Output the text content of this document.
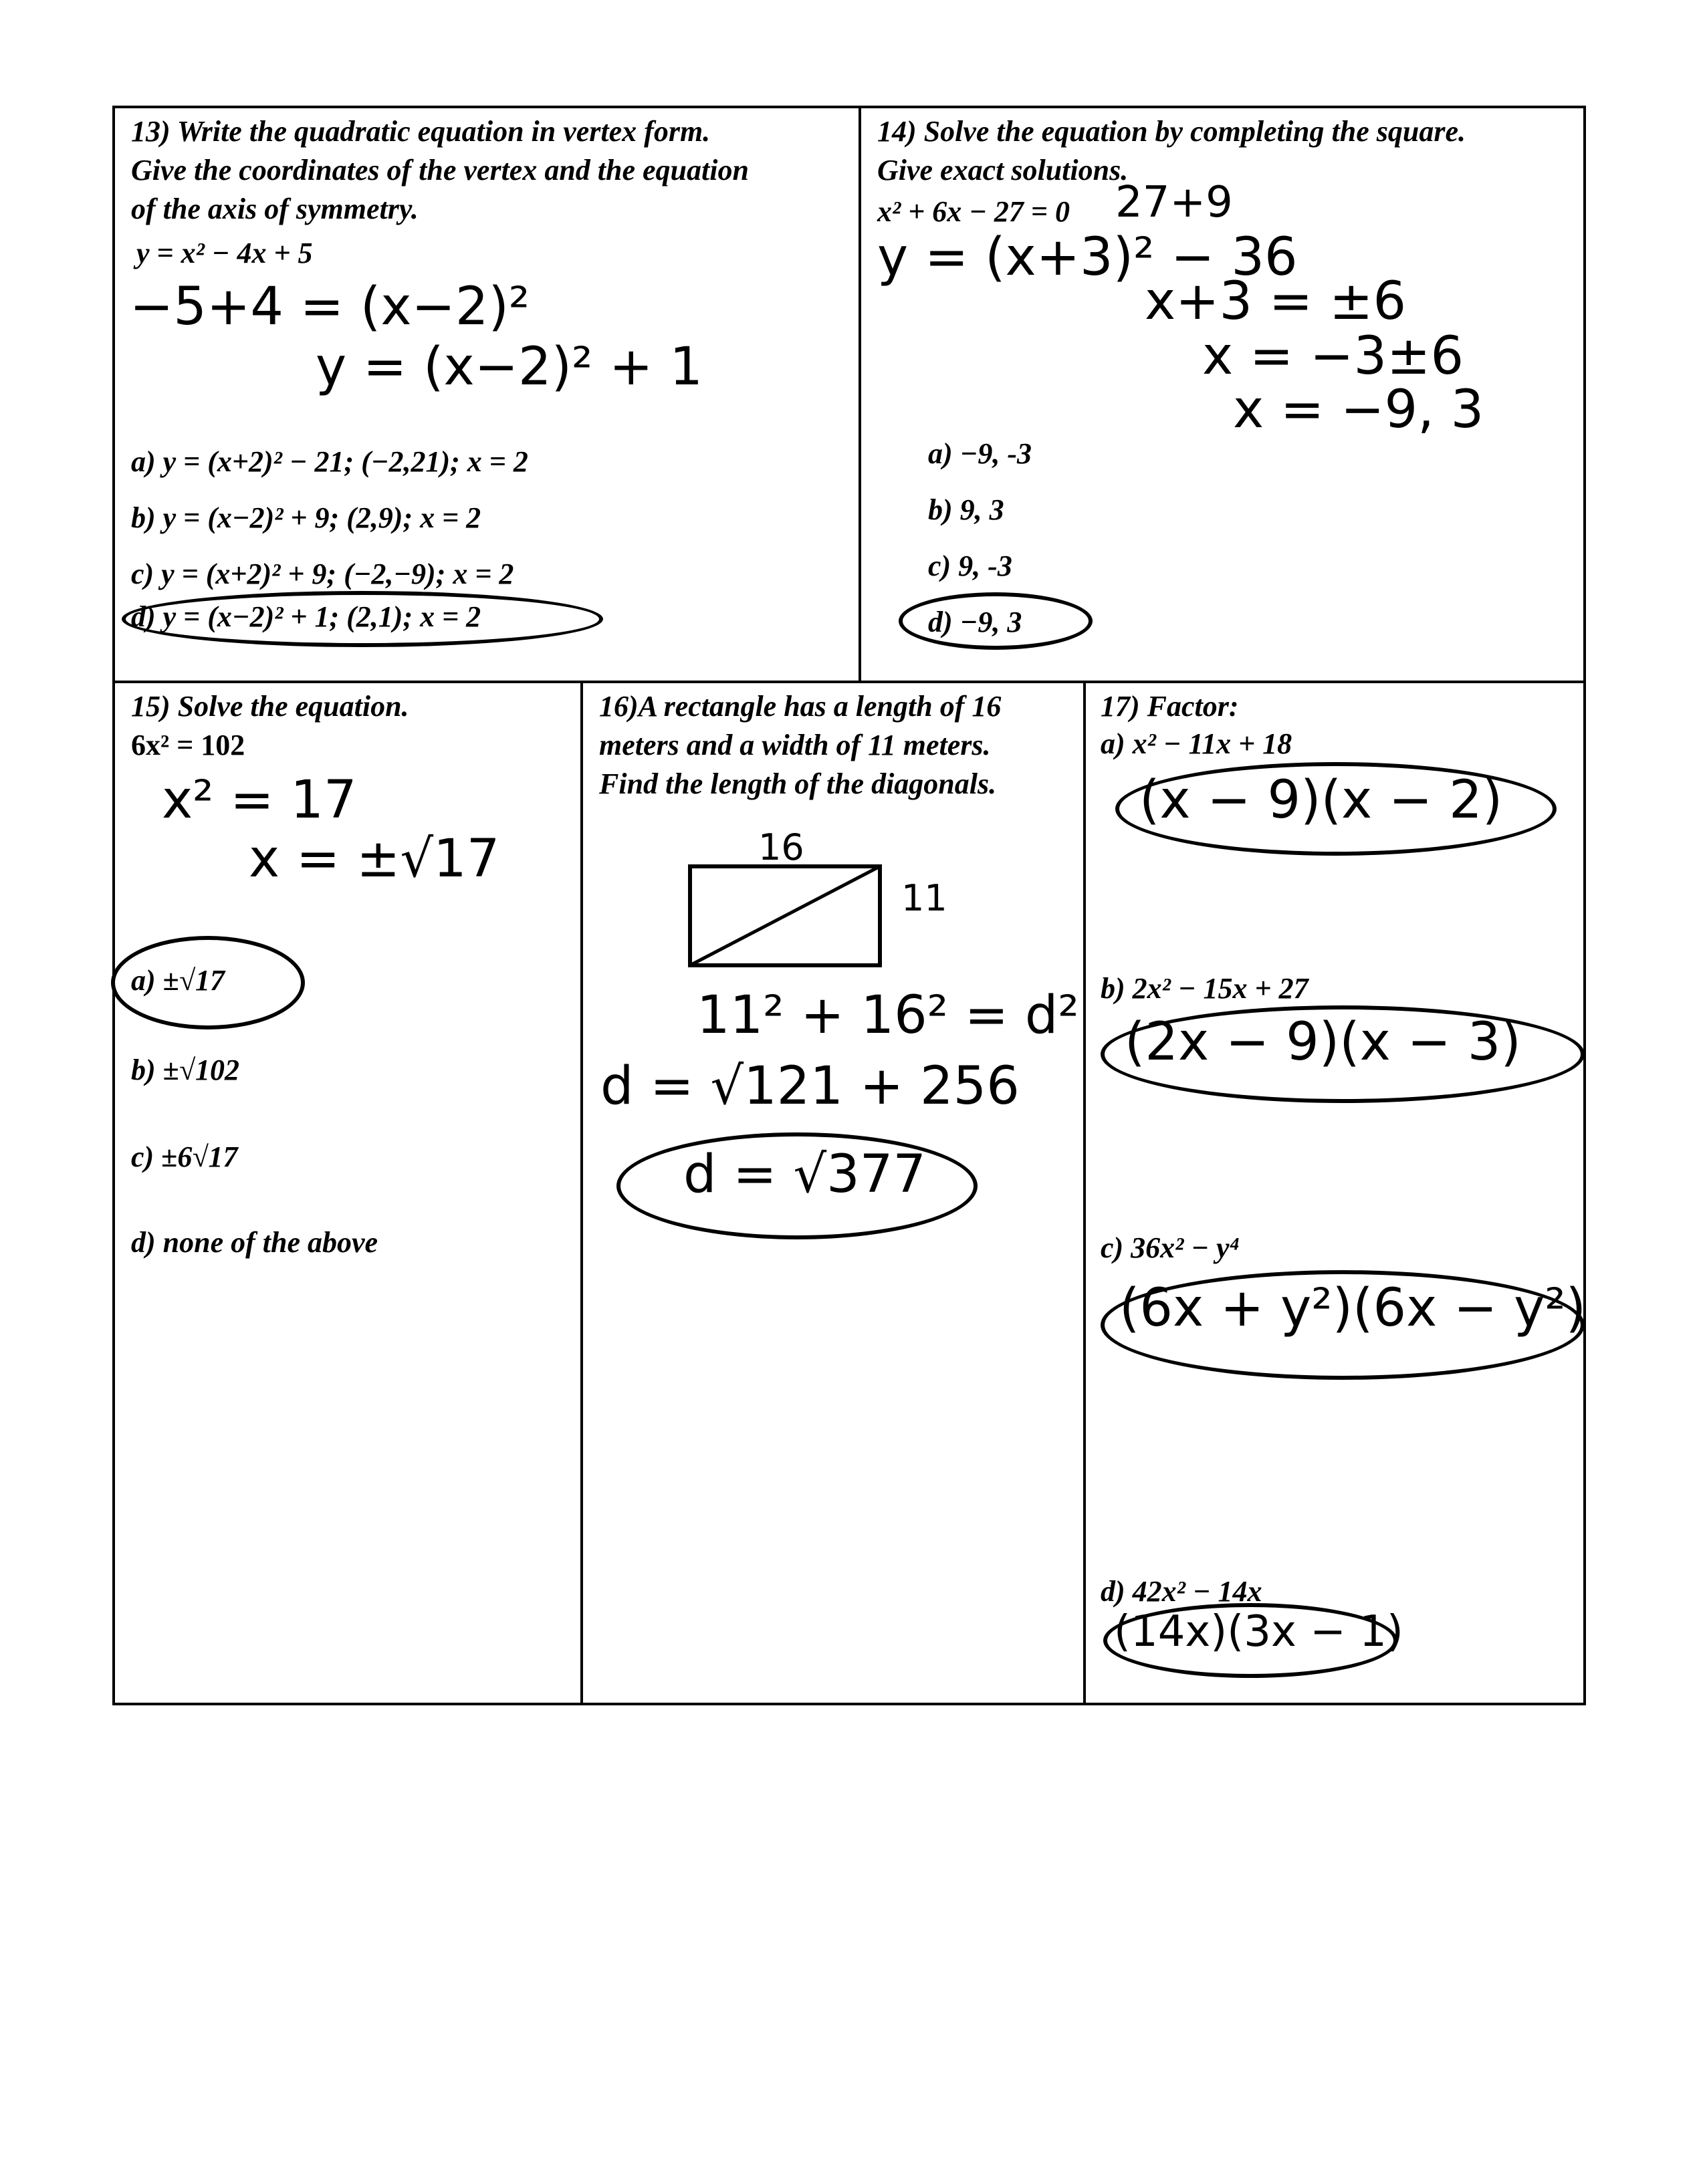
13) Write the quadratic equation in vertex form.
Give the coordinates of the vertex and the equation
of the axis of symmetry.
y = x² − 4x + 5
−5+4 = (x−2)²
y = (x−2)² + 1
a) y = (x+2)² − 21; (−2,21); x = 2
b) y = (x−2)² + 9; (2,9); x = 2
c) y = (x+2)² + 9; (−2,−9); x = 2
d) y = (x−2)² + 1; (2,1); x = 2
14) Solve the equation by completing the square.
Give exact solutions.
x² + 6x − 27 = 0 27+9
y = (x+3)² − 36
x+3 = ±6
x = −3±6
x = −9, 3
a) −9, -3
b) 9, 3
c) 9, -3
d) −9, 3
15) Solve the equation.
6x² = 102
x² = 17
x = ±√17
a) ±√17
b) ±√102
c) ±6√17
d) none of the above
16)A rectangle has a length of 16
meters and a width of 11 meters.
Find the length of the diagonals.
16
11
11² + 16² = d²
d = √121 + 256
d = √377
17) Factor:
a) x² − 11x + 18
(x − 9)(x − 2)
b) 2x² − 15x + 27
(2x − 9)(x − 3)
c) 36x² − y⁴
(6x + y²)(6x − y²)
d) 42x² − 14x
(14x)(3x − 1)
